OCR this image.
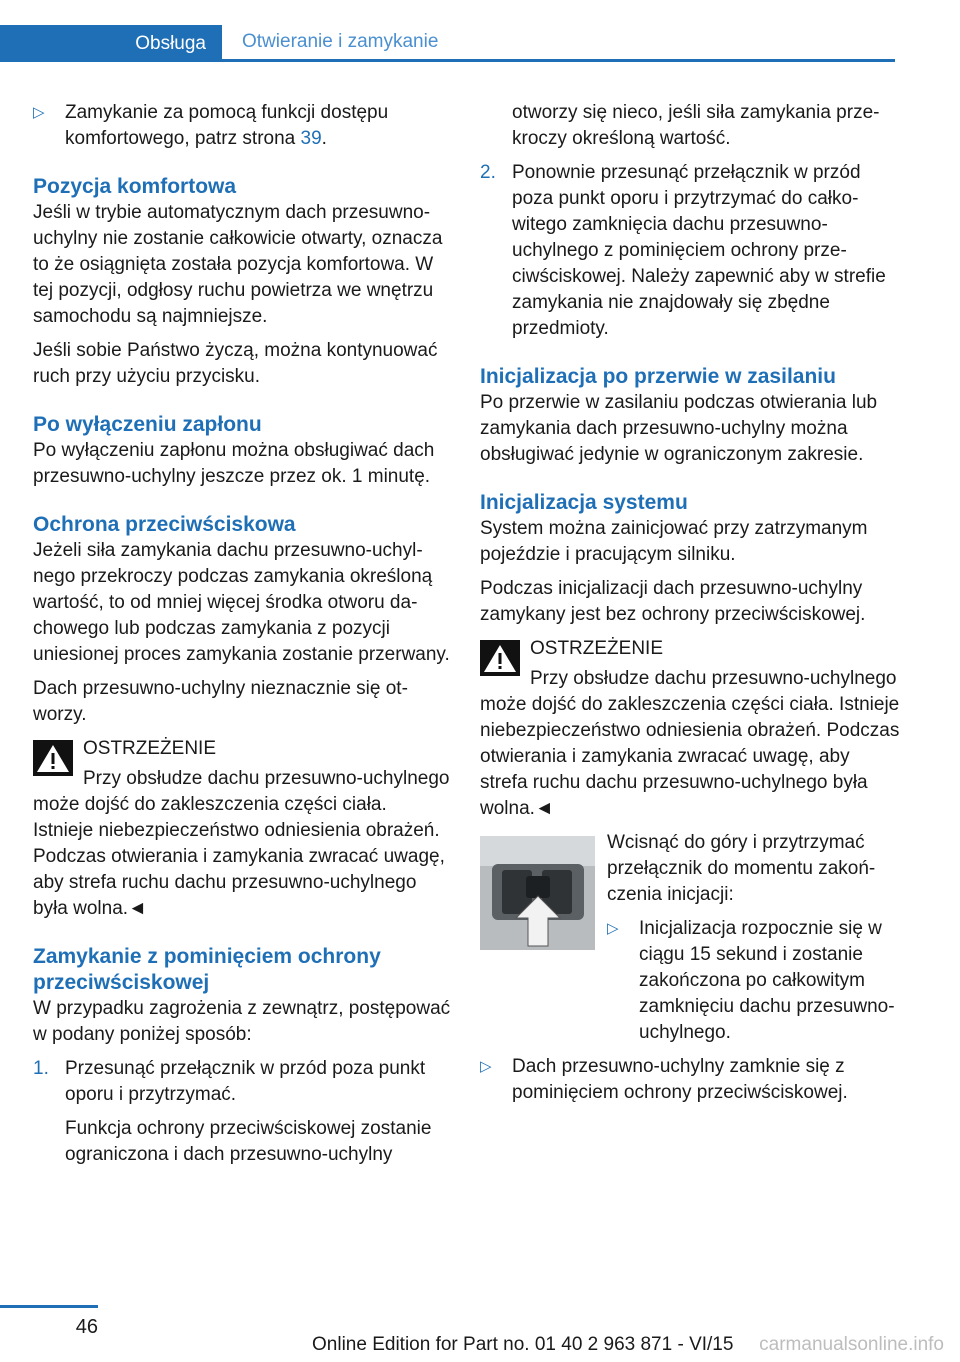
Obsługa Otwieranie i zamykanie
▷ Zamykanie za pomocą funkcji dostępu komfortowego, patrz strona 39.
Pozycja komfortowa

Jeśli w trybie automatycznym dach przesuwno-uchylny nie zostanie całkowicie otwarty, oznacza to że osiągnięta została pozycja komfortowa. W tej pozycji, odgłosy ruchu powietrza we wnętrzu samochodu są najmniejsze.

Jeśli sobie Państwo życzą, można kontynuować ruch przy użyciu przycisku.

Po wyłączeniu zapłonu

Po wyłączeniu zapłonu można obsługiwać dach przesuwno-uchylny jeszcze przez ok. 1 minutę.

Ochrona przeciwściskowa

Jeżeli siła zamykania dachu przesuwno-uchylnego przekroczy podczas zamykania określoną wartość, to od mniej więcej środka otworu dachowego lub podczas zamykania z pozycji uniesionej proces zamykania zostanie przerwany.

Dach przesuwno-uchylny nieznacznie się otworzy.

OSTRZEŻENIE

Przy obsłudze dachu przesuwno-uchylnego może dojść do zakleszczenia części ciała. Istnieje niebezpieczeństwo odniesienia obrażeń. Podczas otwierania i zamykania zwracać uwagę, aby strefa ruchu dachu przesuwno-uchylnego była wolna.◄

Zamykanie z pominięciem ochrony przeciwściskowej

W przypadku zagrożenia z zewnątrz, postępować w podany poniżej sposób:

1. Przesunąć przełącznik w przód poza punkt oporu i przytrzymać.
Funkcja ochrony przeciwściskowej zostanie ograniczona i dach przesuwno-uchylny
otworzy się nieco, jeśli siła zamykania przekroczy określoną wartość.
2. Ponownie przesunąć przełącznik w przód poza punkt oporu i przytrzymać do całkowitego zamknięcia dachu przesuwno-uchylnego z pominięciem ochrony przeciwściskowej. Należy zapewnić aby w strefie zamykania nie znajdowały się zbędne przedmioty.
Inicjalizacja po przerwie w zasilaniu

Po przerwie w zasilaniu podczas otwierania lub zamykania dach przesuwno-uchylny można obsługiwać jedynie w ograniczonym zakresie.

Inicjalizacja systemu

System można zainicjować przy zatrzymanym pojeździe i pracującym silniku.

Podczas inicjalizacji dach przesuwno-uchylny zamykany jest bez ochrony przeciwściskowej.

OSTRZEŻENIE

Przy obsłudze dachu przesuwno-uchylnego może dojść do zakleszczenia części ciała. Istnieje niebezpieczeństwo odniesienia obrażeń. Podczas otwierania i zamykania zwracać uwagę, aby strefa ruchu dachu przesuwno-uchylnego była wolna.◄

Wcisnąć do góry i przytrzymać przełącznik do momentu zakończenia inicjacji:
▷ Inicjalizacja rozpocznie się w ciągu 15 sekund i zostanie zakończona po całkowitym zamknięciu dachu przesuwno-uchylnego.
▷ Dach przesuwno-uchylny zamknie się z pominięciem ochrony przeciwściskowej.
46
Online Edition for Part no. 01 40 2 963 871 - VI/15 carmanualsonline.info
